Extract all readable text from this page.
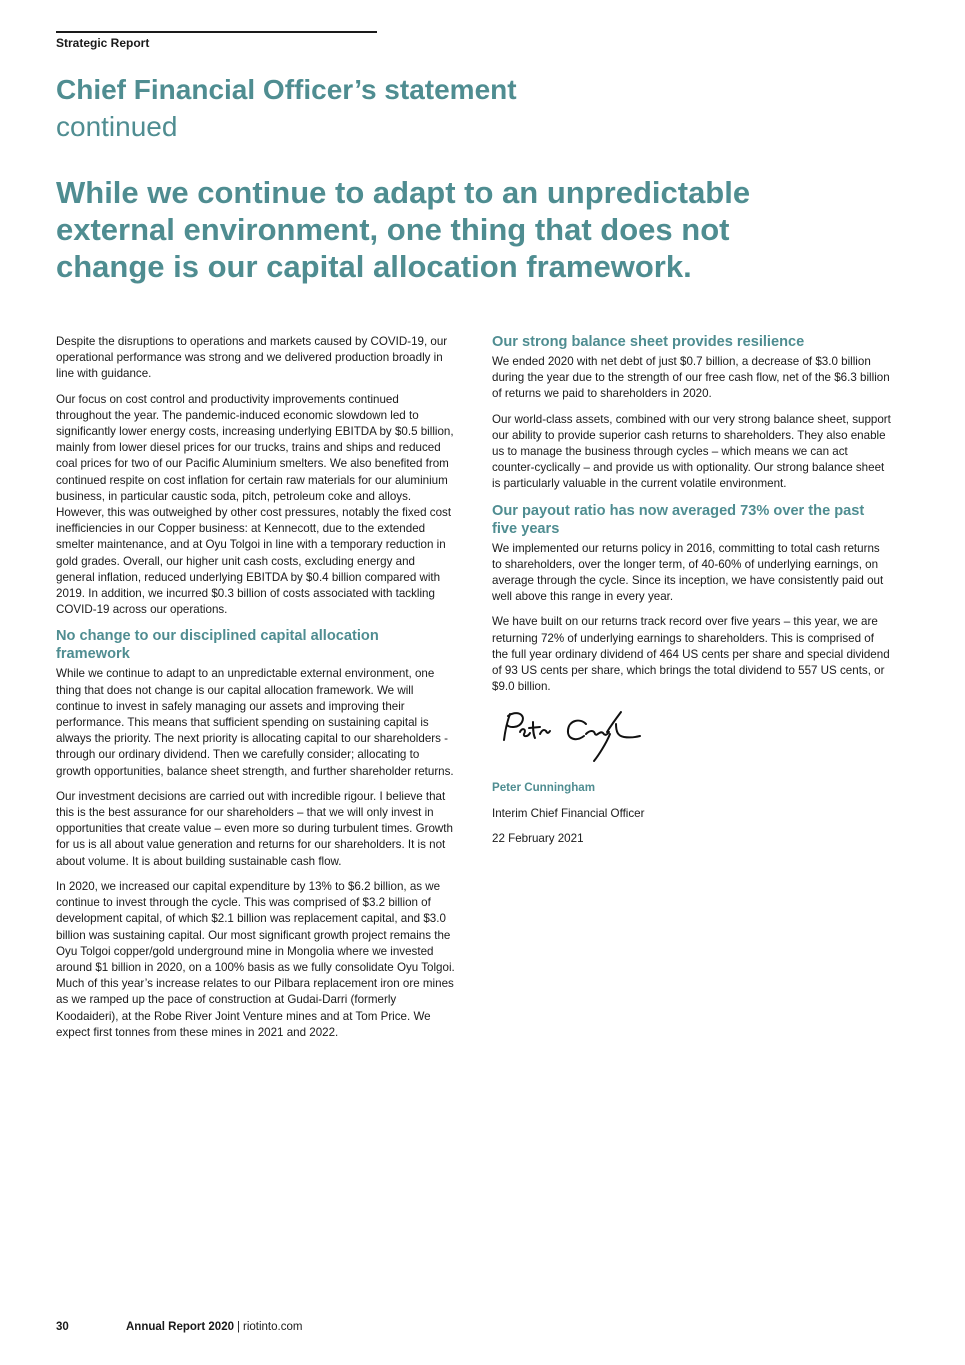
Strategic Report
Chief Financial Officer’s statement
continued
While we continue to adapt to an unpredictable external environment, one thing that does not change is our capital allocation framework.

Despite the disruptions to operations and markets caused by COVID-19, our operational performance was strong and we delivered production broadly in line with guidance.

Our focus on cost control and productivity improvements continued throughout the year. The pandemic-induced economic slowdown led to significantly lower energy costs, increasing underlying EBITDA by $0.5 billion, mainly from lower diesel prices for our trucks, trains and ships and reduced coal prices for two of our Pacific Aluminium smelters. We also benefited from continued respite on cost inflation for certain raw materials for our aluminium business, in particular caustic soda, pitch, petroleum coke and alloys. However, this was outweighed by other cost pressures, notably the fixed cost inefficiencies in our Copper business: at Kennecott, due to the extended smelter maintenance, and at Oyu Tolgoi in line with a temporary reduction in gold grades. Overall, our higher unit cash costs, excluding energy and general inflation, reduced underlying EBITDA by $0.4 billion compared with 2019. In addition, we incurred $0.3 billion of costs associated with tackling COVID-19 across our operations.

No change to our disciplined capital allocation framework

While we continue to adapt to an unpredictable external environment, one thing that does not change is our capital allocation framework. We will continue to invest in safely managing our assets and improving their performance. This means that sufficient spending on sustaining capital is always the priority. The next priority is allocating capital to our shareholders - through our ordinary dividend. Then we carefully consider; allocating to growth opportunities, balance sheet strength, and further shareholder returns.

Our investment decisions are carried out with incredible rigour. I believe that this is the best assurance for our shareholders – that we will only invest in opportunities that create value – even more so during turbulent times. Growth for us is all about value generation and returns for our shareholders. It is not about volume. It is about building sustainable cash flow.

In 2020, we increased our capital expenditure by 13% to $6.2 billion, as we continue to invest through the cycle. This was comprised of $3.2 billion of development capital, of which $2.1 billion was replacement capital, and $3.0 billion was sustaining capital. Our most significant growth project remains the Oyu Tolgoi copper/gold underground mine in Mongolia where we invested around $1 billion in 2020, on a 100% basis as we fully consolidate Oyu Tolgoi. Much of this year’s increase relates to our Pilbara replacement iron ore mines as we ramped up the pace of construction at Gudai-Darri (formerly Koodaideri), at the Robe River Joint Venture mines and at Tom Price. We expect first tonnes from these mines in 2021 and 2022.

Our strong balance sheet provides resilience

We ended 2020 with net debt of just $0.7 billion, a decrease of $3.0 billion during the year due to the strength of our free cash flow, net of the $6.3 billion of returns we paid to shareholders in 2020.

Our world-class assets, combined with our very strong balance sheet, support our ability to provide superior cash returns to shareholders. They also enable us to manage the business through cycles – which means we can act counter-cyclically – and provide us with optionality. Our strong balance sheet is particularly valuable in the current volatile environment.

Our payout ratio has now averaged 73% over the past five years

We implemented our returns policy in 2016, committing to total cash returns to shareholders, over the longer term, of 40-60% of underlying earnings, on average through the cycle. Since its inception, we have consistently paid out well above this range in every year.

We have built on our returns track record over five years – this year, we are returning 72% of underlying earnings to shareholders. This is comprised of the full year ordinary dividend of 464 US cents per share and special dividend of 93 US cents per share, which brings the total dividend to 557 US cents, or $9.0 billion.

Peter Cunningham

Interim Chief Financial Officer

22 February 2021

30	Annual Report 2020 | riotinto.com
